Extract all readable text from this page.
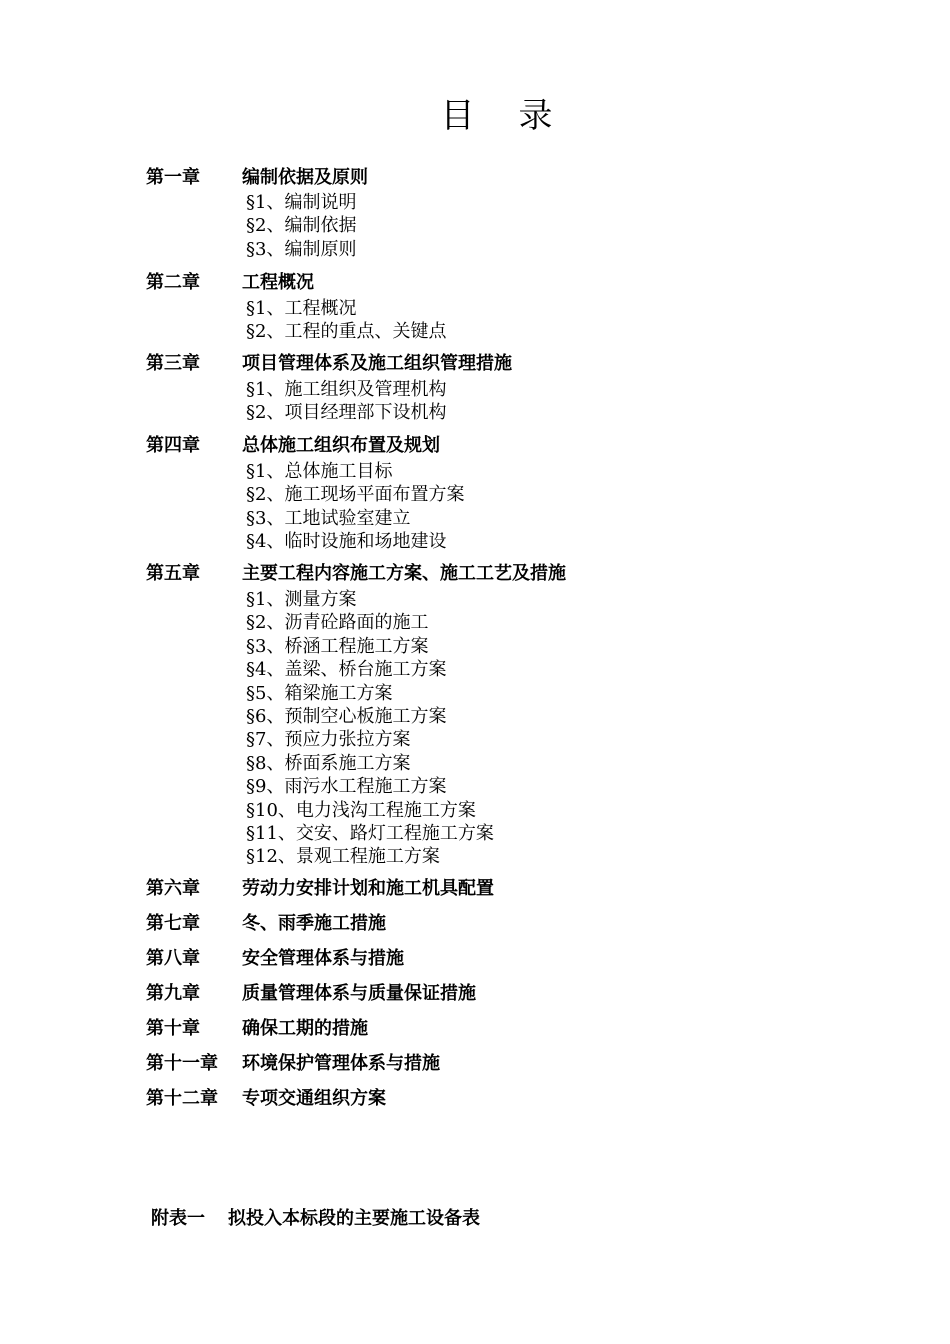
目录
第一章 编制依据及原则
§1、编制说明
§2、编制依据
§3、编制原则
第二章 工程概况
§1、工程概况
§2、工程的重点、关键点
第三章 项目管理体系及施工组织管理措施
§1、施工组织及管理机构
§2、项目经理部下设机构
第四章 总体施工组织布置及规划
§1、总体施工目标
§2、施工现场平面布置方案
§3、工地试验室建立
§4、临时设施和场地建设
第五章 主要工程内容施工方案、施工工艺及措施
§1、测量方案
§2、沥青砼路面的施工
§3、桥涵工程施工方案
§4、盖梁、桥台施工方案
§5、箱梁施工方案
§6、预制空心板施工方案
§7、预应力张拉方案
§8、桥面系施工方案
§9、雨污水工程施工方案
§10、电力浅沟工程施工方案
§11、交安、路灯工程施工方案
§12、景观工程施工方案
第六章 劳动力安排计划和施工机具配置
第七章 冬、雨季施工措施
第八章 安全管理体系与措施
第九章 质量管理体系与质量保证措施
第十章 确保工期的措施
第十一章 环境保护管理体系与措施
第十二章 专项交通组织方案
附表一 拟投入本标段的主要施工设备表
